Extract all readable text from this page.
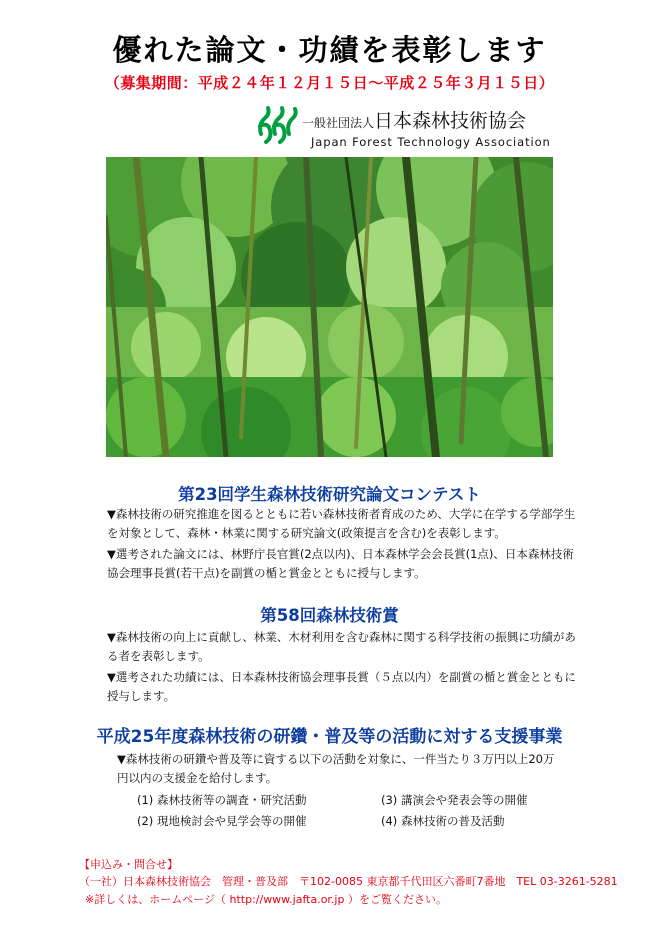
優れた論文・功績を表彰します
（募集期間：平成２４年１２月１５日～平成２５年３月１５日）
一般社団法人日本森林技術協会
Japan Forest Technology Association
第23回学生森林技術研究論文コンテスト
▼森林技術の研究推進を図るとともに若い森林技術者育成のため、大学に在学する学部学生を対象として、森林・林業に関する研究論文(政策提言を含む)を表彰します。
▼選考された論文には、林野庁長官賞(2点以内)、日本森林学会会長賞(1点)、日本森林技術協会理事長賞(若干点)を副賞の楯と賞金とともに授与します。
第58回森林技術賞
▼森林技術の向上に貢献し、林業、木材利用を含む森林に関する科学技術の振興に功績がある者を表彰します。
▼選考された功績には、日本森林技術協会理事長賞（５点以内）を副賞の楯と賞金とともに授与します。
平成25年度森林技術の研鑽・普及等の活動に対する支援事業
▼森林技術の研鑽や普及等に資する以下の活動を対象に、一件当たり３万円以上20万円以内の支援金を給付します。
(1) 森林技術等の調査・研究活動	(3) 講演会や発表会等の開催
(2) 現地検討会や見学会等の開催	(4) 森林技術の普及活動
【申込み・問合せ】
（一社）日本森林技術協会　管理・普及部　〒102-0085 東京都千代田区六番町7番地　TEL 03-3261-5281
※詳しくは、ホームページ（ http://www.jafta.or.jp ）をご覧ください。
